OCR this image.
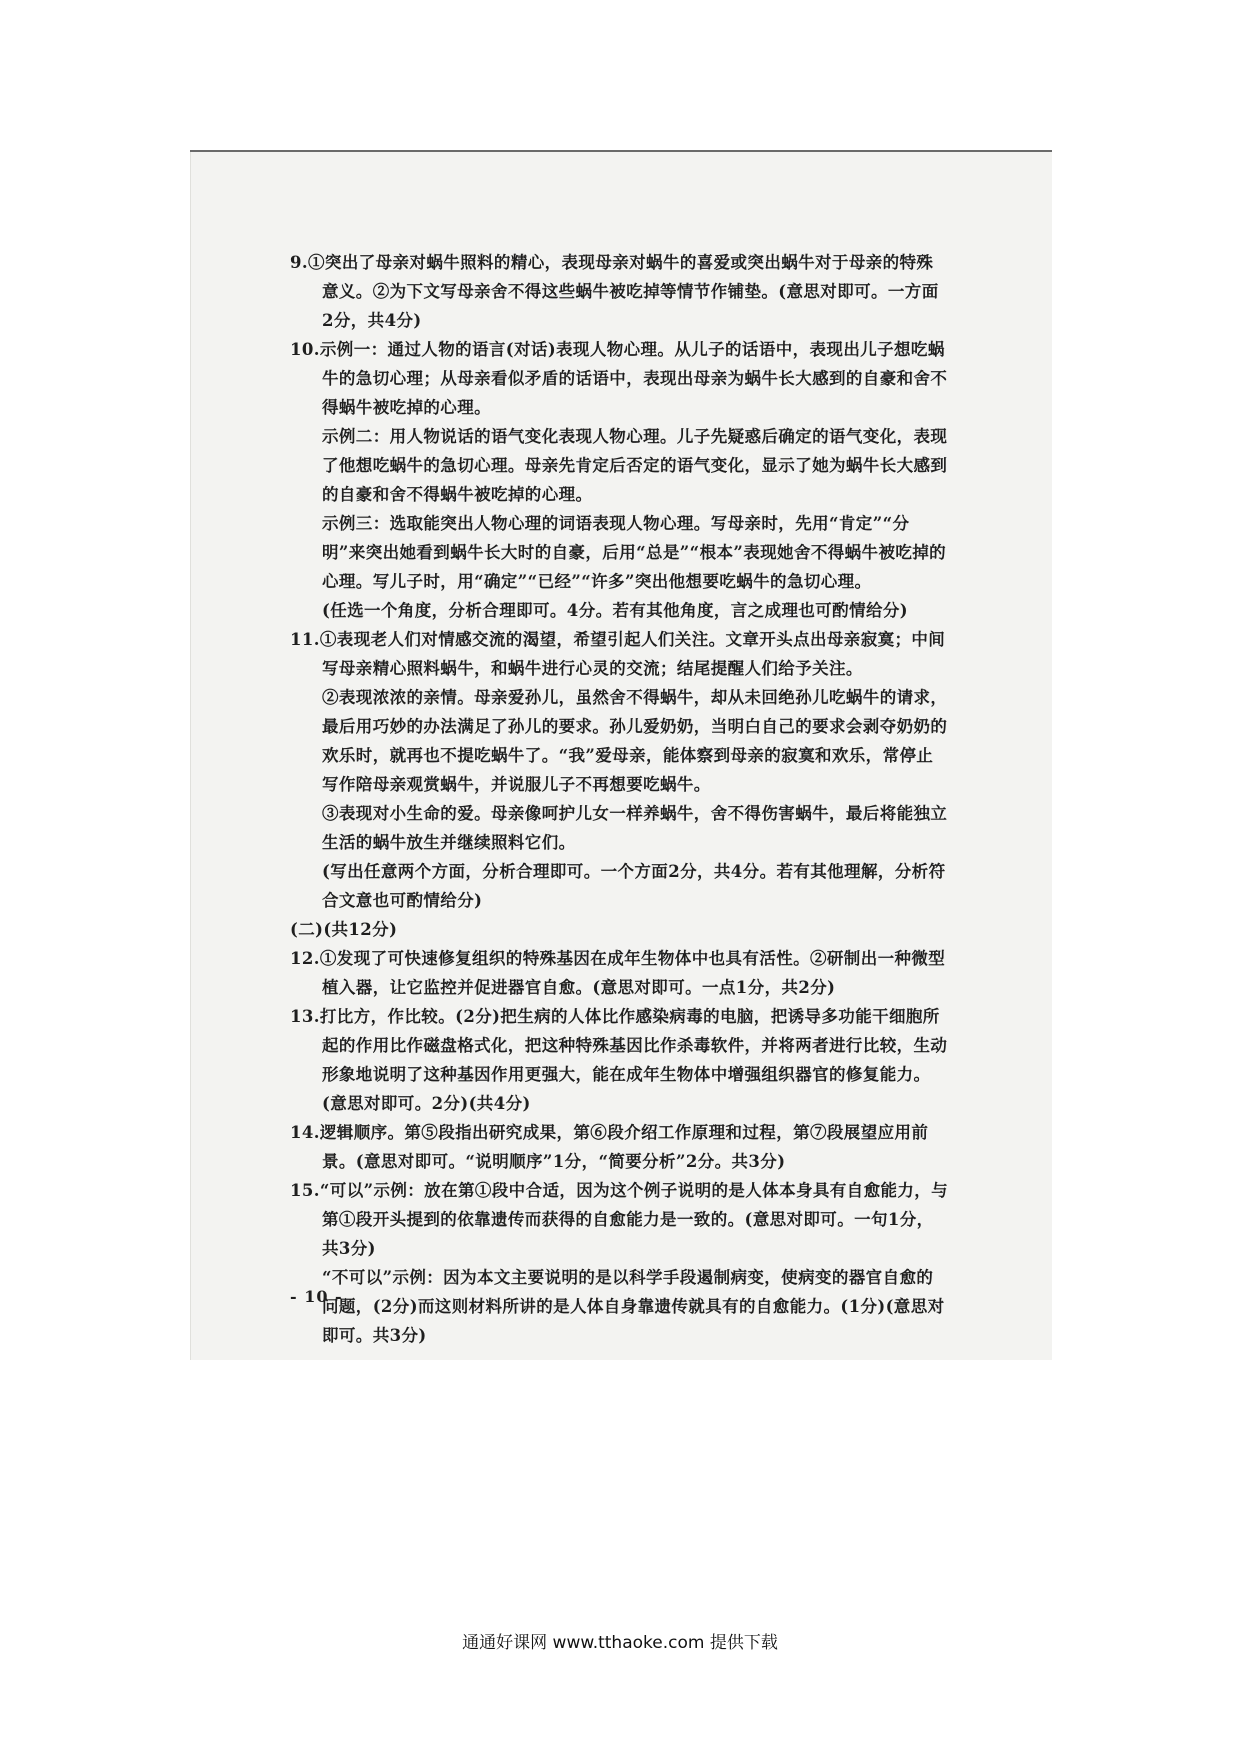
9.①突出了母亲对蜗牛照料的精心，表现母亲对蜗牛的喜爱或突出蜗牛对于母亲的特殊意义。②为下文写母亲舍不得这些蜗牛被吃掉等情节作铺垫。(意思对即可。一方面2分，共4分)

10.示例一：通过人物的语言(对话)表现人物心理。从儿子的话语中，表现出儿子想吃蜗牛的急切心理；从母亲看似矛盾的话语中，表现出母亲为蜗牛长大感到的自豪和舍不得蜗牛被吃掉的心理。

示例二：用人物说话的语气变化表现人物心理。儿子先疑惑后确定的语气变化，表现了他想吃蜗牛的急切心理。母亲先肯定后否定的语气变化，显示了她为蜗牛长大感到的自豪和舍不得蜗牛被吃掉的心理。

示例三：选取能突出人物心理的词语表现人物心理。写母亲时，先用“肯定”“分明”来突出她看到蜗牛长大时的自豪，后用“总是”“根本”表现她舍不得蜗牛被吃掉的心理。写儿子时，用“确定”“已经”“许多”突出他想要吃蜗牛的急切心理。

(任选一个角度，分析合理即可。4分。若有其他角度，言之成理也可酌情给分)

11.①表现老人们对情感交流的渴望，希望引起人们关注。文章开头点出母亲寂寞；中间写母亲精心照料蜗牛，和蜗牛进行心灵的交流；结尾提醒人们给予关注。

②表现浓浓的亲情。母亲爱孙儿，虽然舍不得蜗牛，却从未回绝孙儿吃蜗牛的请求，最后用巧妙的办法满足了孙儿的要求。孙儿爱奶奶，当明白自己的要求会剥夺奶奶的欢乐时，就再也不提吃蜗牛了。“我”爱母亲，能体察到母亲的寂寞和欢乐，常停止写作陪母亲观赏蜗牛，并说服儿子不再想要吃蜗牛。

③表现对小生命的爱。母亲像呵护儿女一样养蜗牛，舍不得伤害蜗牛，最后将能独立生活的蜗牛放生并继续照料它们。

(写出任意两个方面，分析合理即可。一个方面2分，共4分。若有其他理解，分析符合文意也可酌情给分)

(二)(共12分)

12.①发现了可快速修复组织的特殊基因在成年生物体中也具有活性。②研制出一种微型植入器，让它监控并促进器官自愈。(意思对即可。一点1分，共2分)

13.打比方，作比较。(2分)把生病的人体比作感染病毒的电脑，把诱导多功能干细胞所起的作用比作磁盘格式化，把这种特殊基因比作杀毒软件，并将两者进行比较，生动形象地说明了这种基因作用更强大，能在成年生物体中增强组织器官的修复能力。(意思对即可。2分)(共4分)

14.逻辑顺序。第⑤段指出研究成果，第⑥段介绍工作原理和过程，第⑦段展望应用前景。(意思对即可。“说明顺序”1分，“简要分析”2分。共3分)

15.“可以”示例：放在第①段中合适，因为这个例子说明的是人体本身具有自愈能力，与第①段开头提到的依靠遗传而获得的自愈能力是一致的。(意思对即可。一句1分，共3分)

“不可以”示例：因为本文主要说明的是以科学手段遏制病变，使病变的器官自愈的问题，(2分)而这则材料所讲的是人体自身靠遗传就具有的自愈能力。(1分)(意思对即可。共3分)

- 10 -
通通好课网 www.tthaoke.com 提供下载
